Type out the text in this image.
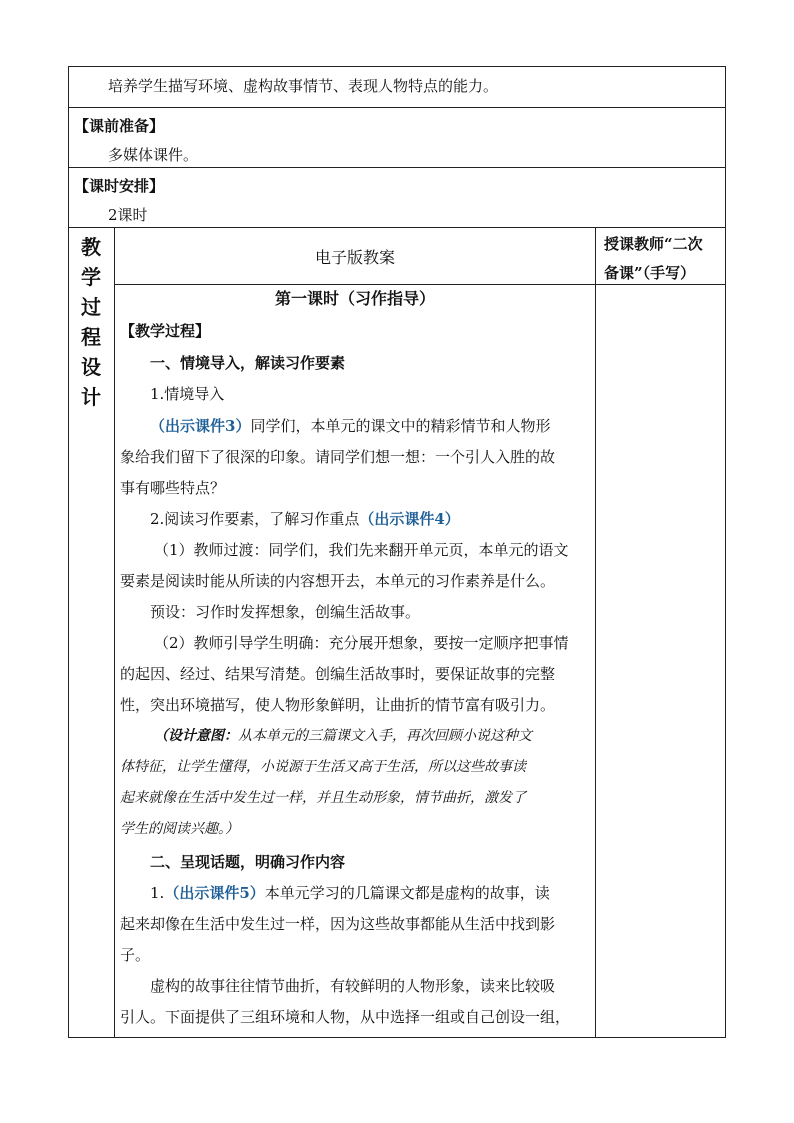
培养学生描写环境、虚构故事情节、表现人物特点的能力。
【课前准备】
多媒体课件。
【课时安排】
2课时
教
学
过
程
设
计
电子版教案
授课教师“二次
备课”（手写）
第一课时（习作指导）
【教学过程】
一、情境导入，解读习作要素
1.情境导入
（出示课件3）同学们，本单元的课文中的精彩情节和人物形
象给我们留下了很深的印象。请同学们想一想：一个引人入胜的故
事有哪些特点？
2.阅读习作要素，了解习作重点（出示课件4）
（1）教师过渡：同学们，我们先来翻开单元页，本单元的语文
要素是阅读时能从所读的内容想开去，本单元的习作素养是什么。
预设：习作时发挥想象，创编生活故事。
（2）教师引导学生明确：充分展开想象，要按一定顺序把事情
的起因、经过、结果写清楚。创编生活故事时，要保证故事的完整
性，突出环境描写，使人物形象鲜明，让曲折的情节富有吸引力。
（设计意图：从本单元的三篇课文入手，再次回顾小说这种文
体特征，让学生懂得，小说源于生活又高于生活，所以这些故事读
起来就像在生活中发生过一样，并且生动形象，情节曲折，激发了
学生的阅读兴趣。）
二、呈现话题，明确习作内容
1.（出示课件5）本单元学习的几篇课文都是虚构的故事，读
起来却像在生活中发生过一样，因为这些故事都能从生活中找到影
子。
虚构的故事往往情节曲折，有较鲜明的人物形象，读来比较吸
引人。下面提供了三组环境和人物，从中选择一组或自己创设一组，
